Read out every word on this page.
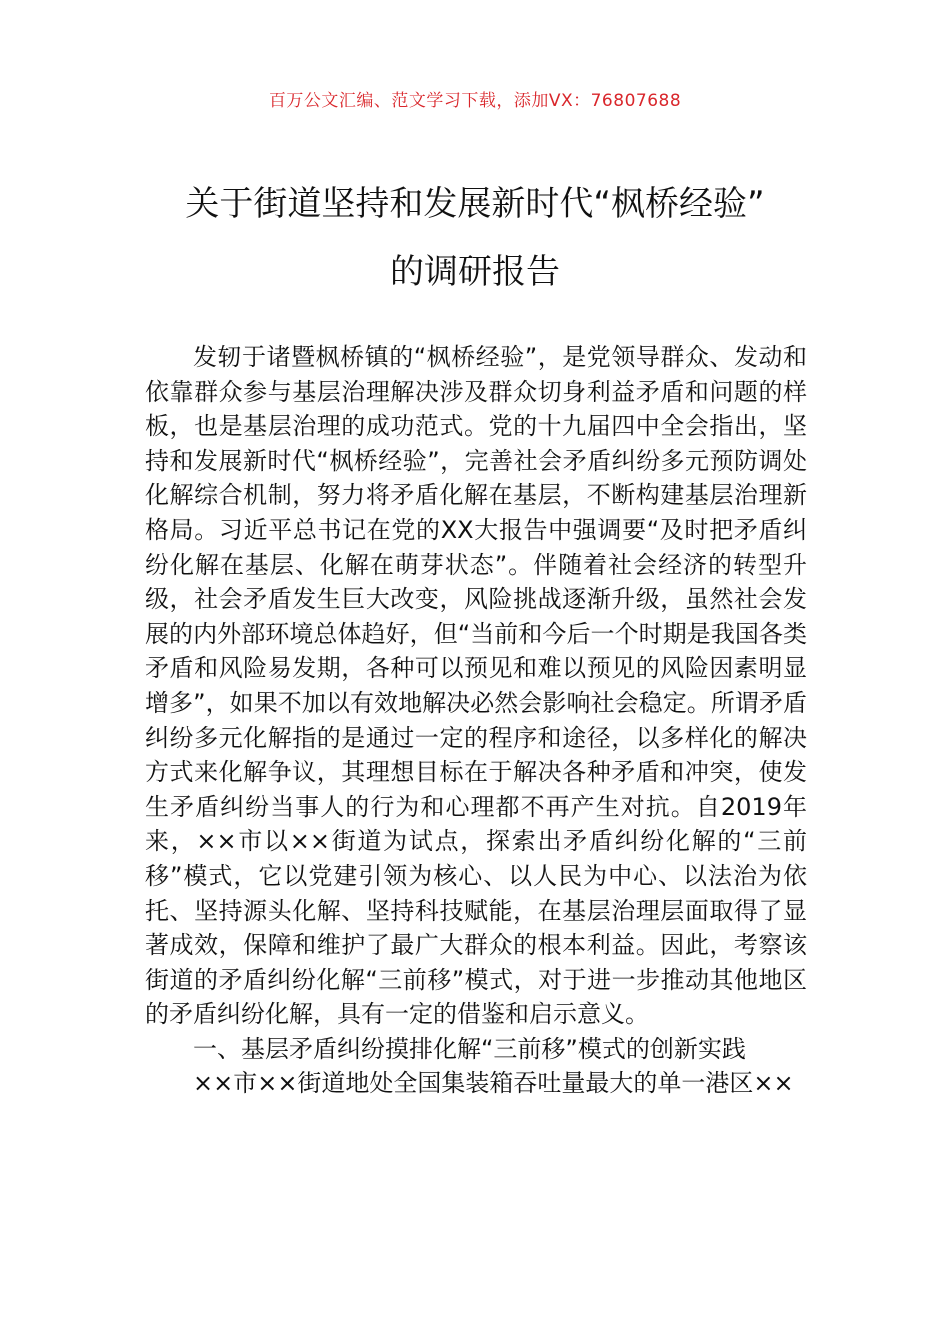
百万公文汇编、范文学习下载，添加VX：76807688
关于街道坚持和发展新时代“枫桥经验”
的调研报告

发轫于诸暨枫桥镇的“枫桥经验”，是党领导群众、发动和依靠群众参与基层治理解决涉及群众切身利益矛盾和问题的样板，也是基层治理的成功范式。党的十九届四中全会指出，坚持和发展新时代“枫桥经验”，完善社会矛盾纠纷多元预防调处化解综合机制，努力将矛盾化解在基层，不断构建基层治理新格局。习近平总书记在党的XX大报告中强调要“及时把矛盾纠纷化解在基层、化解在萌芽状态”。伴随着社会经济的转型升级，社会矛盾发生巨大改变，风险挑战逐渐升级，虽然社会发展的内外部环境总体趋好，但“当前和今后一个时期是我国各类矛盾和风险易发期，各种可以预见和难以预见的风险因素明显增多”，如果不加以有效地解决必然会影响社会稳定。所谓矛盾纠纷多元化解指的是通过一定的程序和途径，以多样化的解决方式来化解争议，其理想目标在于解决各种矛盾和冲突，使发生矛盾纠纷当事人的行为和心理都不再产生对抗。自2019年来，××市以××街道为试点，探索出矛盾纠纷化解的“三前移”模式，它以党建引领为核心、以人民为中心、以法治为依托、坚持源头化解、坚持科技赋能，在基层治理层面取得了显著成效，保障和维护了最广大群众的根本利益。因此，考察该街道的矛盾纠纷化解“三前移”模式，对于进一步推动其他地区的矛盾纠纷化解，具有一定的借鉴和启示意义。

一、基层矛盾纠纷摸排化解“三前移”模式的创新实践

××市××街道地处全国集装箱吞吐量最大的单一港区××
